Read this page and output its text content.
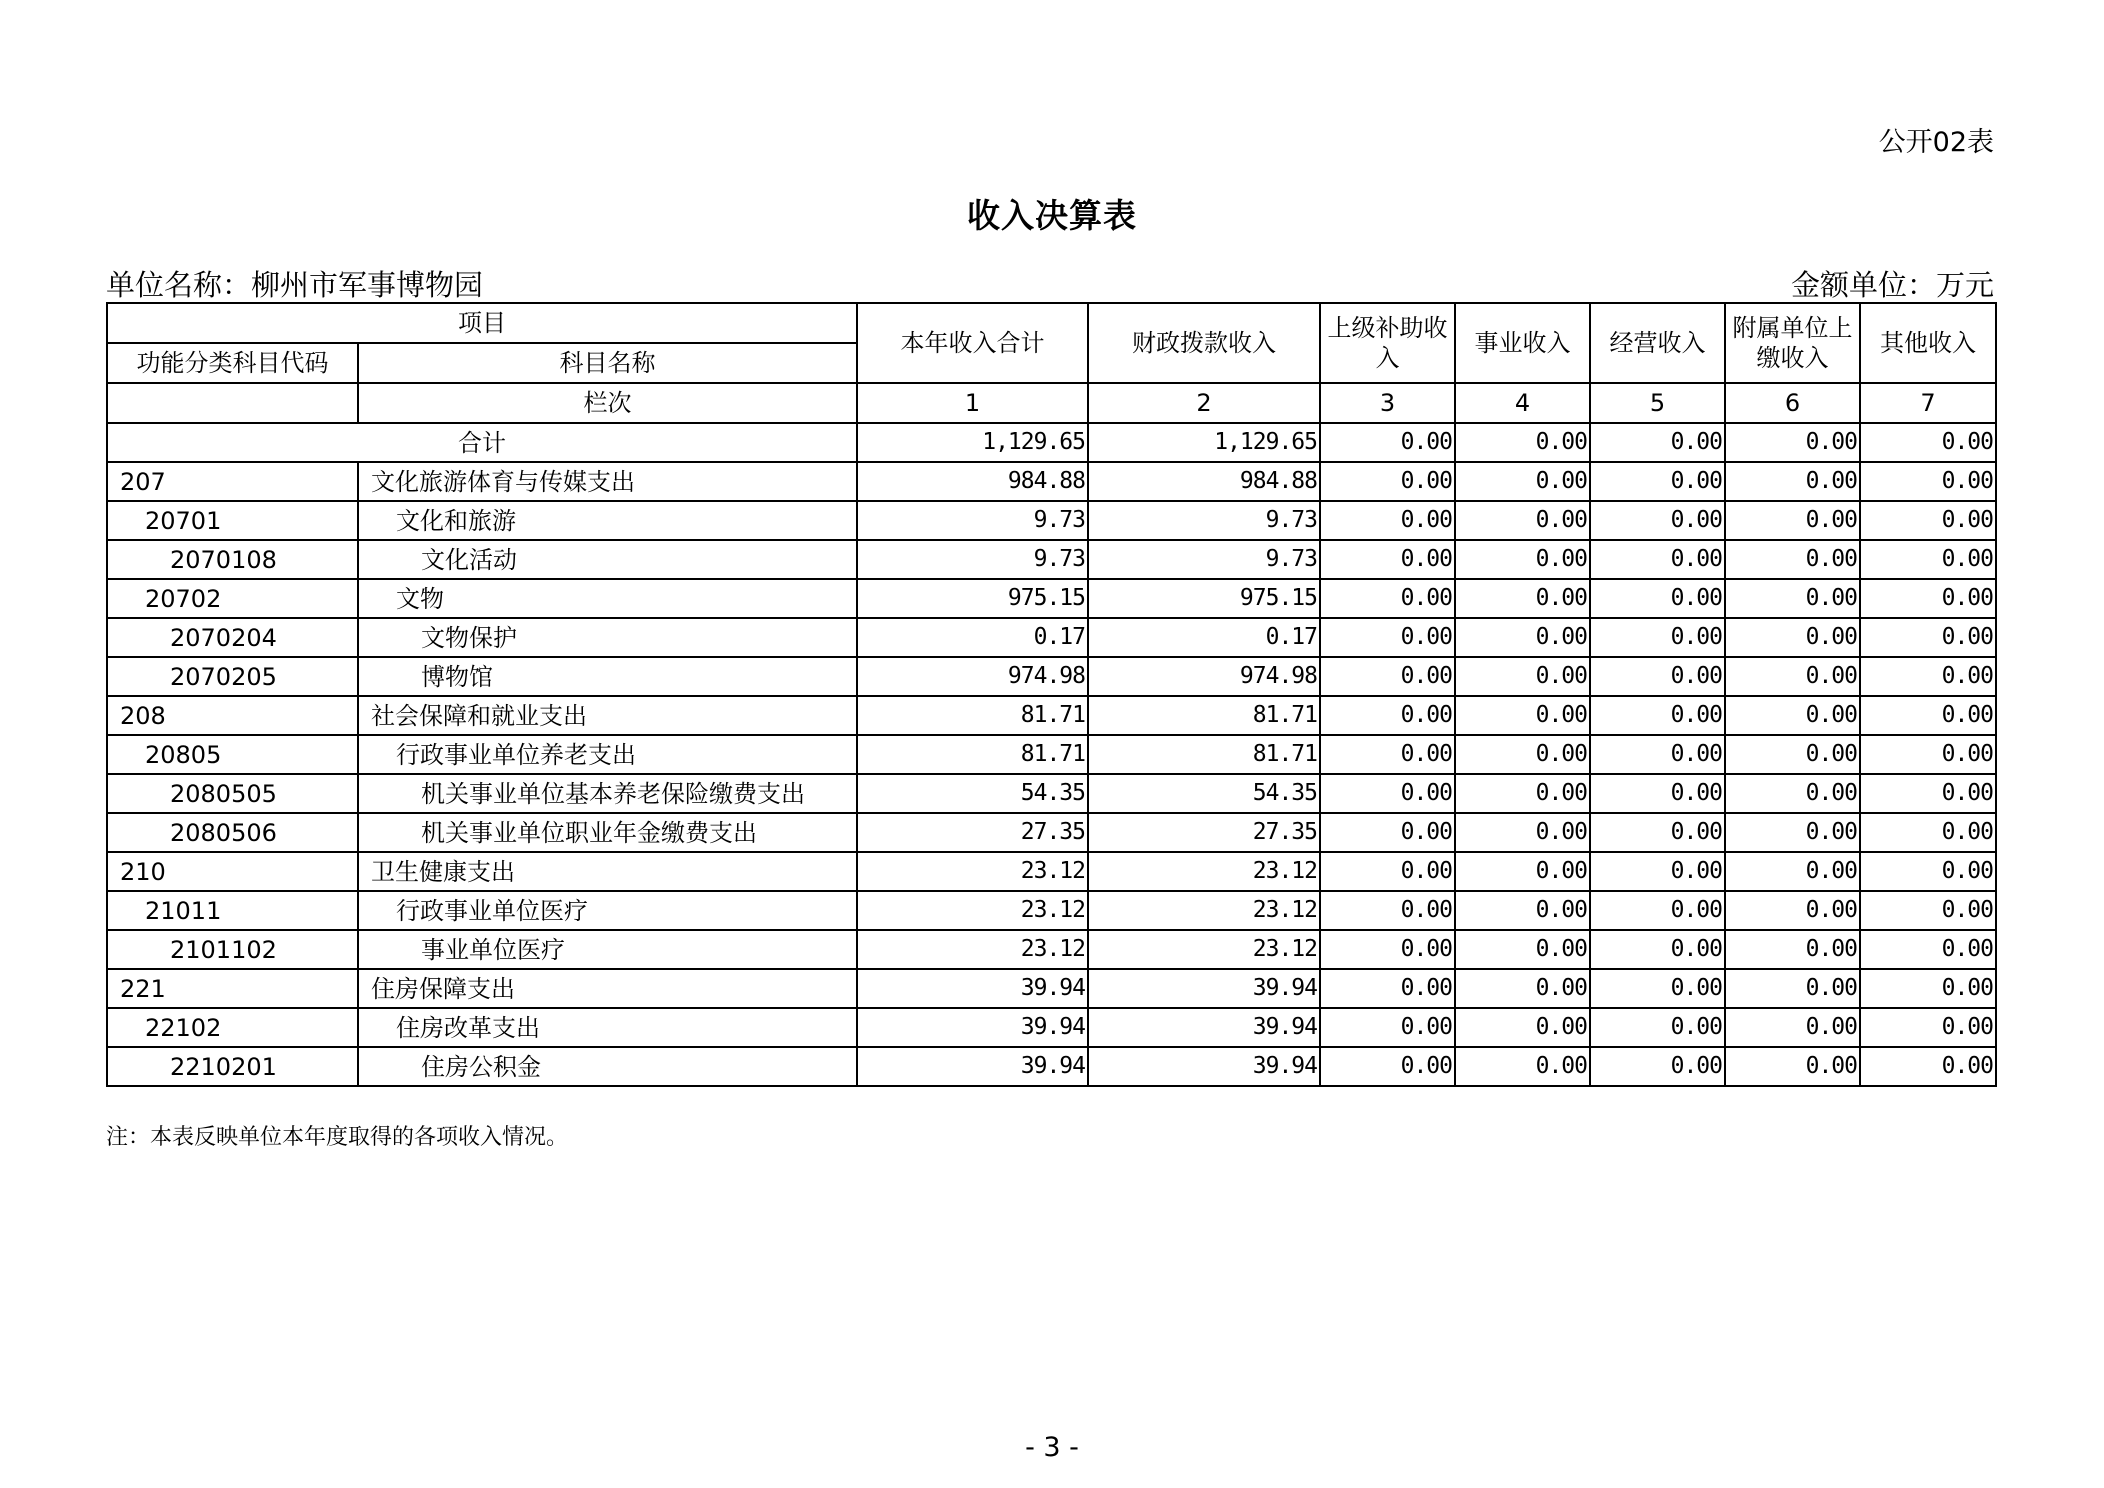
公开02表
收入决算表
单位名称：柳州市军事博物园	金额单位：万元
项目		本年收入合计	财政拨款收入	上级补助收入	事业收入	经营收入	附属单位上缴收入	其他收入
功能分类科目代码	科目名称							
	栏次	1	2	3	4	5	6	7
合计		1,129.65	1,129.65	0.00	0.00	0.00	0.00	0.00
207	文化旅游体育与传媒支出	984.88	984.88	0.00	0.00	0.00	0.00	0.00
20701	文化和旅游	9.73	9.73	0.00	0.00	0.00	0.00	0.00
2070108	文化活动	9.73	9.73	0.00	0.00	0.00	0.00	0.00
20702	文物	975.15	975.15	0.00	0.00	0.00	0.00	0.00
2070204	文物保护	0.17	0.17	0.00	0.00	0.00	0.00	0.00
2070205	博物馆	974.98	974.98	0.00	0.00	0.00	0.00	0.00
208	社会保障和就业支出	81.71	81.71	0.00	0.00	0.00	0.00	0.00
20805	行政事业单位养老支出	81.71	81.71	0.00	0.00	0.00	0.00	0.00
2080505	机关事业单位基本养老保险缴费支出	54.35	54.35	0.00	0.00	0.00	0.00	0.00
2080506	机关事业单位职业年金缴费支出	27.35	27.35	0.00	0.00	0.00	0.00	0.00
210	卫生健康支出	23.12	23.12	0.00	0.00	0.00	0.00	0.00
21011	行政事业单位医疗	23.12	23.12	0.00	0.00	0.00	0.00	0.00
2101102	事业单位医疗	23.12	23.12	0.00	0.00	0.00	0.00	0.00
221	住房保障支出	39.94	39.94	0.00	0.00	0.00	0.00	0.00
22102	住房改革支出	39.94	39.94	0.00	0.00	0.00	0.00	0.00
2210201	住房公积金	39.94	39.94	0.00	0.00	0.00	0.00	0.00
注：本表反映单位本年度取得的各项收入情况。
- 3 -
